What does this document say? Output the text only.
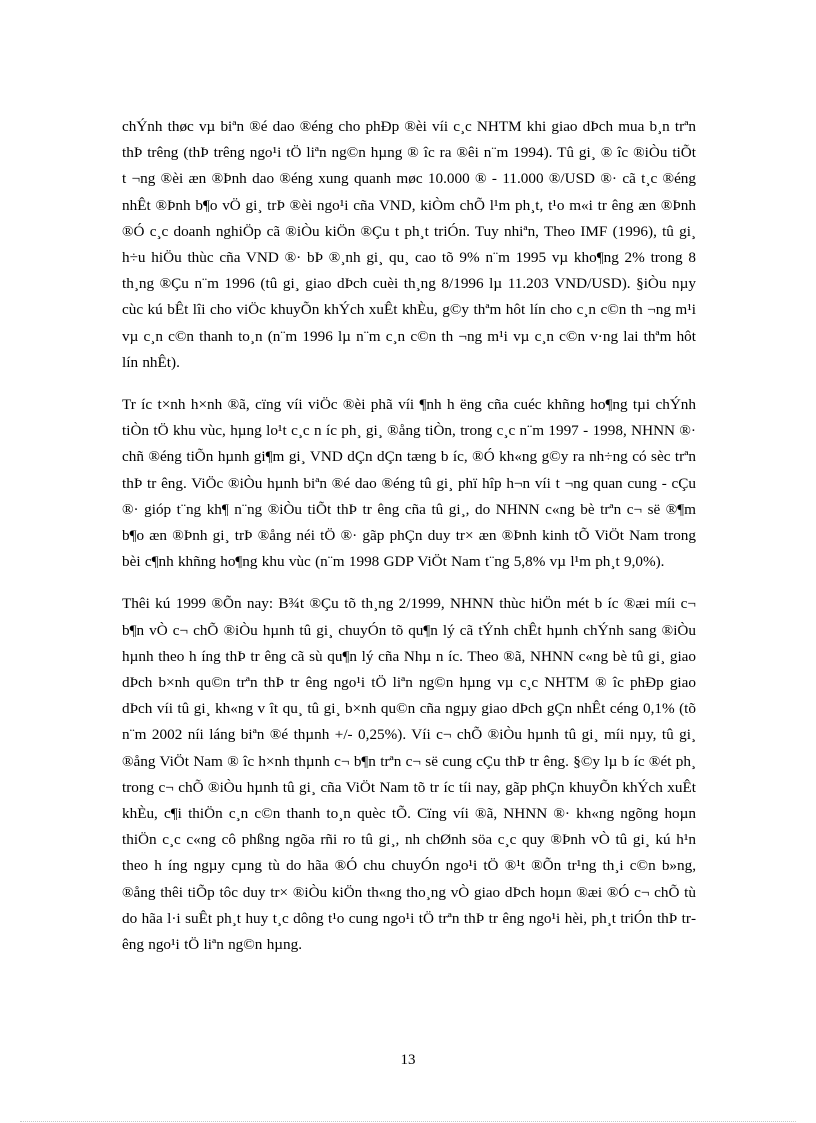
chÝnh thøc vµ biªn ®é dao ®éng cho phÐp ®èi víi c¸c NHTM khi giao dÞch mua b¸n trªn thÞ trêng (thÞ trêng ngo¹i tÖ liªn ng©n hµng ® îc ra ®êi n¨m 1994). Tû gi¸ ® îc ®iÒu tiÕt t ¬ng ®èi æn ®Þnh dao ®éng xung quanh møc 10.000 ® - 11.000 ®/USD ®· cã t¸c ®éng nhÊt ®Þnh b¶o vÖ gi¸ trÞ ®èi ngo¹i cña VND, kiÒm chÕ l¹m ph¸t, t¹o m«i tr êng æn ®Þnh ®Ó c¸c doanh nghiÖp cã ®iÒu kiÖn ®Çu t ph¸t triÓn. Tuy nhiªn, Theo IMF (1996), tû gi¸ h÷u hiÖu thùc cña VND ®· bÞ ®¸nh gi¸ qu¸ cao tõ 9% n¨m 1995 vµ kho¶ng 2% trong 8 th¸ng ®Çu n¨m 1996 (tû gi¸ giao dÞch cuèi th¸ng 8/1996 lµ 11.203 VND/USD). §iÒu nµy cùc kú bÊt lîi cho viÖc khuyÕn khÝch xuÊt khÈu, g©y thªm hôt lín cho c¸n c©n th ¬ng m¹i vµ c¸n c©n thanh to¸n (n¨m 1996 lµ n¨m c¸n c©n th ¬ng m¹i vµ c¸n c©n v·ng lai thªm hôt lín nhÊt).

Tr íc t×nh h×nh ®ã, cïng víi viÖc ®èi phã víi ¶nh h ëng cña cuéc khñng ho¶ng tµi chÝnh tiÒn tÖ khu vùc, hµng lo¹t c¸c n íc ph¸ gi¸ ®ång tiÒn, trong c¸c n¨m 1997 - 1998, NHNN ®· chñ ®éng tiÕn hµnh gi¶m gi¸ VND dÇn dÇn tæng b íc, ®Ó kh«ng g©y ra nh÷ng có sèc trªn thÞ tr êng. ViÖc ®iÒu hµnh biªn ®é dao ®éng tû gi¸ phï hîp h¬n víi t ¬ng quan cung - cÇu ®· gióp t¨ng kh¶ n¨ng ®iÒu tiÕt thÞ tr êng cña tû gi¸, do NHNN c«ng bè trªn c¬ së ®¶m b¶o æn ®Þnh gi¸ trÞ ®ång néi tÖ ®· gãp phÇn duy tr× æn ®Þnh kinh tÕ ViÖt Nam trong bèi c¶nh khñng ho¶ng khu vùc (n¨m 1998 GDP ViÖt Nam t¨ng 5,8% vµ l¹m ph¸t 9,0%).

Thêi kú 1999 ®Õn nay: B¾t ®Çu tõ th¸ng 2/1999, NHNN thùc hiÖn mét b íc ®æi míi c¬ b¶n vÒ c¬ chÕ ®iÒu hµnh tû gi¸ chuyÓn tõ qu¶n lý cã tÝnh chÊt hµnh chÝnh sang ®iÒu hµnh theo h íng thÞ tr êng cã sù qu¶n lý cña Nhµ n íc. Theo ®ã, NHNN c«ng bè tû gi¸ giao dÞch b×nh qu©n trªn thÞ tr êng ngo¹i tÖ liªn ng©n hµng vµ c¸c NHTM ® îc phÐp giao dÞch víi tû gi¸ kh«ng v ît qu¸ tû gi¸ b×nh qu©n cña ngµy giao dÞch gÇn nhÊt céng 0,1% (tõ n¨m 2002 níi láng biªn ®é thµnh +/- 0,25%). Víi c¬ chÕ ®iÒu hµnh tû gi¸ míi nµy, tû gi¸ ®ång ViÖt Nam ® îc h×nh thµnh c¬ b¶n trªn c¬ së cung cÇu thÞ tr êng. §©y lµ b íc ®ét ph¸ trong c¬ chÕ ®iÒu hµnh tû gi¸ cña ViÖt Nam tõ tr íc tíi nay, gãp phÇn khuyÕn khÝch xuÊt khÈu, c¶i thiÖn c¸n c©n thanh to¸n quèc tÕ. Cïng víi ®ã, NHNN ®· kh«ng ngõng hoµn thiÖn c¸c c«ng cô phßng ngõa rñi ro tû gi¸, nh chØnh söa c¸c quy ®Þnh vÒ tû gi¸ kú h¹n theo h íng ngµy cµng tù do hãa ®Ó chu chuyÓn ngo¹i tÖ ®¹t ®Õn tr¹ng th¸i c©n b»ng, ®ång thêi tiÕp tôc duy tr× ®iÒu kiÖn th«ng tho¸ng vÒ giao dÞch hoµn ®æi ®Ó c¬ chÕ tù do hãa l·i suÊt ph¸t huy t¸c dông t¹o cung ngo¹i tÖ trªn thÞ tr êng ngo¹i hèi, ph¸t triÓn thÞ tr êng ngo¹i tÖ liªn ng©n hµng.

13
